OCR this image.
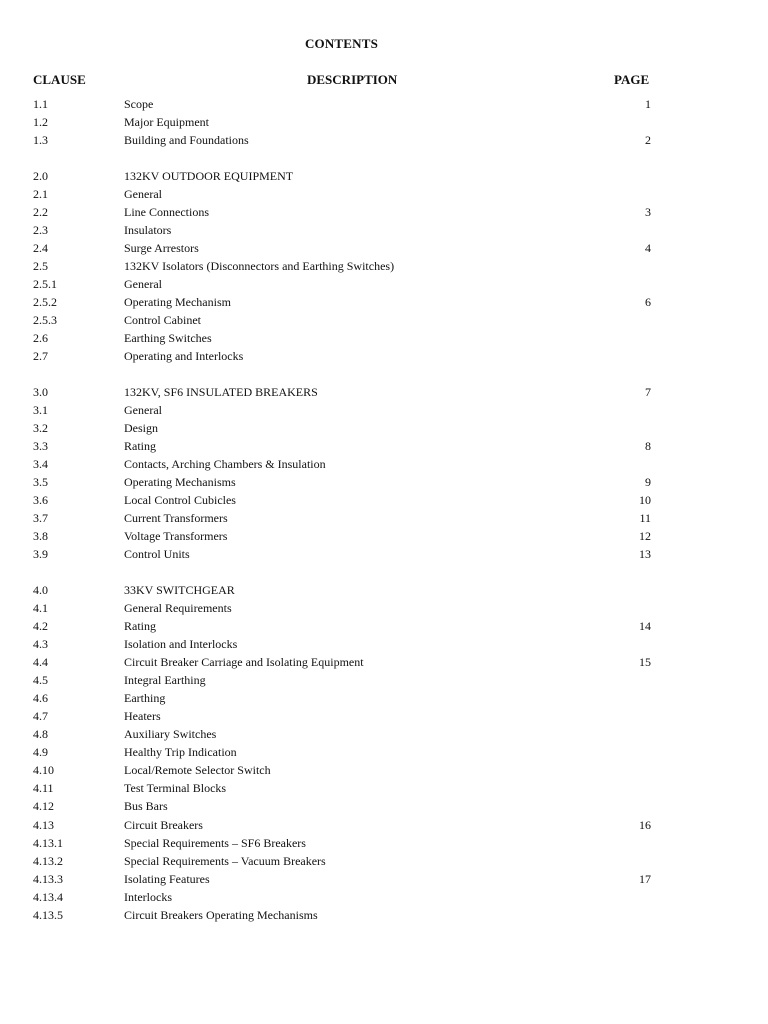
CONTENTS
CLAUSE	DESCRIPTION	PAGE
1.1	Scope	1
1.2	Major Equipment
1.3	Building and Foundations	2
2.0	132KV OUTDOOR EQUIPMENT
2.1	General
2.2	Line Connections	3
2.3	Insulators
2.4	Surge Arrestors	4
2.5	132KV Isolators (Disconnectors and Earthing Switches)
2.5.1	General
2.5.2	Operating Mechanism	6
2.5.3	Control Cabinet
2.6	Earthing Switches
2.7	Operating and Interlocks
3.0	132KV, SF6 INSULATED BREAKERS	7
3.1	General
3.2	Design
3.3	Rating	8
3.4	Contacts, Arching Chambers & Insulation
3.5	Operating Mechanisms	9
3.6	Local Control Cubicles	10
3.7	Current Transformers	11
3.8	Voltage Transformers	12
3.9	Control Units	13
4.0	33KV SWITCHGEAR
4.1	General Requirements
4.2	Rating	14
4.3	Isolation and Interlocks
4.4	Circuit Breaker Carriage and Isolating Equipment	15
4.5	Integral Earthing
4.6	Earthing
4.7	Heaters
4.8	Auxiliary Switches
4.9	Healthy Trip Indication
4.10	Local/Remote Selector Switch
4.11	Test Terminal Blocks
4.12	Bus Bars
4.13	Circuit Breakers	16
4.13.1	Special Requirements – SF6 Breakers
4.13.2	Special Requirements – Vacuum Breakers
4.13.3	Isolating Features	17
4.13.4	Interlocks
4.13.5	Circuit Breakers Operating Mechanisms
